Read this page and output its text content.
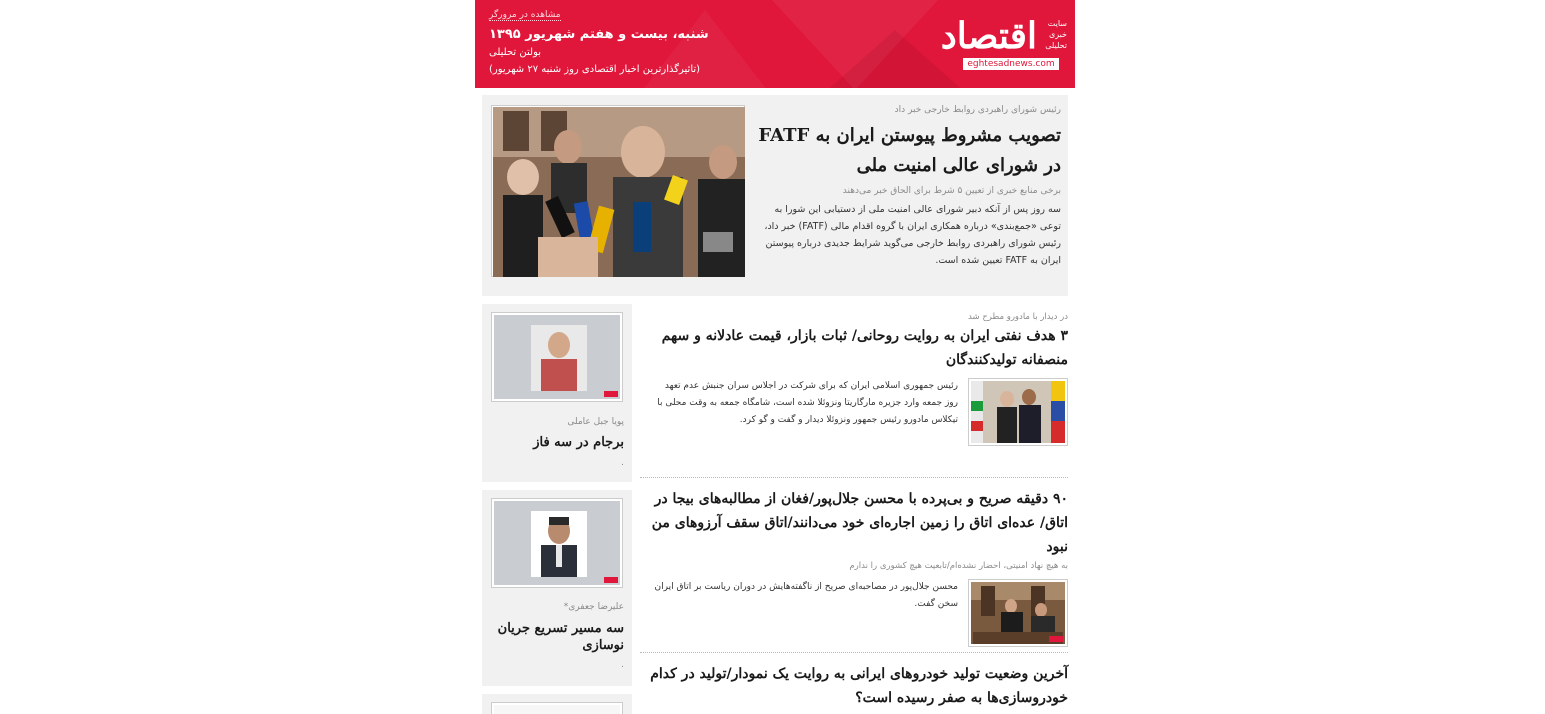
سایت خبری تحلیلی
اقتصاد
eghtesadnews.com
مشاهده در مرورگر
شنبه، بیست و هفتم شهریور ۱۳۹۵
بولتن تحلیلی
(تاثیرگذارترین اخبار اقتصادی روز شنبه ۲۷ شهریور)
رئیس شورای راهبردی روابط خارجی خبر داد
تصویب مشروط پیوستن ایران به FATF در شورای عالی امنیت ملی
برخی منابع خبری از تعیین ۵ شرط برای الحاق خبر می‌دهند
سه روز پس از آنکه دبیر شورای عالی امنیت ملی از دستیابی این شورا به توعی «جمع‌بندی» درباره همکاری ایران با گروه اقدام مالی (FATF) خبر داد، رئیس شورای راهبردی روابط خارجی می‌گوید شرایط جدیدی درباره پیوستن ایران به FATF تعیین شده است.
پویا جبل عاملی
برجام در سه فاز
.
علیرضا جعفری*
سه مسیر تسریع جریان نوسازی
.
در دیدار با مادورو مطرح شد
۳ هدف نفتی ایران به روایت روحانی/ ثبات بازار، قیمت عادلانه و سهم منصفانه تولیدکنندگان
رئیس جمهوری اسلامی ایران که برای شرکت در اجلاس سران جنبش عدم تعهد روز جمعه وارد جزیره مارگاریتا ونزوئلا شده است، شامگاه جمعه به وقت محلی با تیکلاس مادورو رئیس جمهور ونزوئلا دیدار و گفت و گو کرد.
۹۰ دقیقه صریح و بی‌پرده با محسن جلال‌پور/فغان از مطالبه‌های بیجا در اتاق/ عده‌ای اتاق را زمین اجاره‌ای خود می‌دانند/اتاق سقف آرزوهای من نبود
به هیچ نهاد امنیتی، احضار نشده‌ام/تابعیت هیچ کشوری را ندارم
محسن جلال‌پور در مصاحبه‌ای صریح از ناگفته‌هایش در دوران ریاست بر اتاق ایران سخن گفت.
آخرین وضعیت تولید خودروهای ایرانی به روایت یک نمودار/تولید در کدام خودروسازی‌ها به صفر رسیده است؟
